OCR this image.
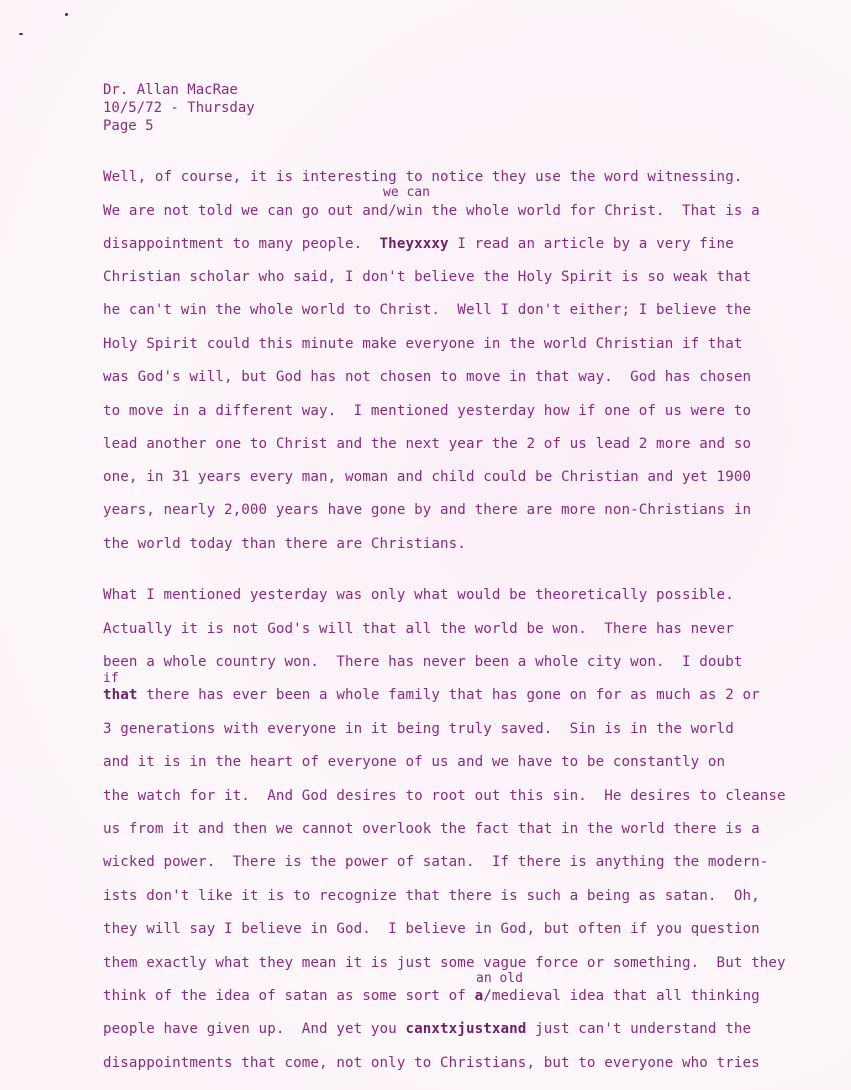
Dr. Allan MacRae
10/5/72 - Thursday
Page 5
Well, of course, it is interesting to notice they use the word witnessing.
we can
We are not told we can go out and/win the whole world for Christ.  That is a
disappointment to many people.  Theyxxxy I read an article by a very fine
Christian scholar who said, I don't believe the Holy Spirit is so weak that
he can't win the whole world to Christ.  Well I don't either; I believe the
Holy Spirit could this minute make everyone in the world Christian if that
was God's will, but God has not chosen to move in that way.  God has chosen
to move in a different way.  I mentioned yesterday how if one of us were to
lead another one to Christ and the next year the 2 of us lead 2 more and so
one, in 31 years every man, woman and child could be Christian and yet 1900
years, nearly 2,000 years have gone by and there are more non-Christians in
the world today than there are Christians.
What I mentioned yesterday was only what would be theoretically possible.
Actually it is not God's will that all the world be won.  There has never
been a whole country won.  There has never been a whole city won.  I doubt
if
that there has ever been a whole family that has gone on for as much as 2 or
3 generations with everyone in it being truly saved.  Sin is in the world
and it is in the heart of everyone of us and we have to be constantly on
the watch for it.  And God desires to root out this sin.  He desires to cleanse
us from it and then we cannot overlook the fact that in the world there is a
wicked power.  There is the power of satan.  If there is anything the modern-
ists don't like it is to recognize that there is such a being as satan.  Oh,
they will say I believe in God.  I believe in God, but often if you question
them exactly what they mean it is just some vague force or something.  But they
an old
think of the idea of satan as some sort of a/medieval idea that all thinking
people have given up.  And yet you canxtxjustxand just can't understand the
disappointments that come, not only to Christians, but to everyone who tries
